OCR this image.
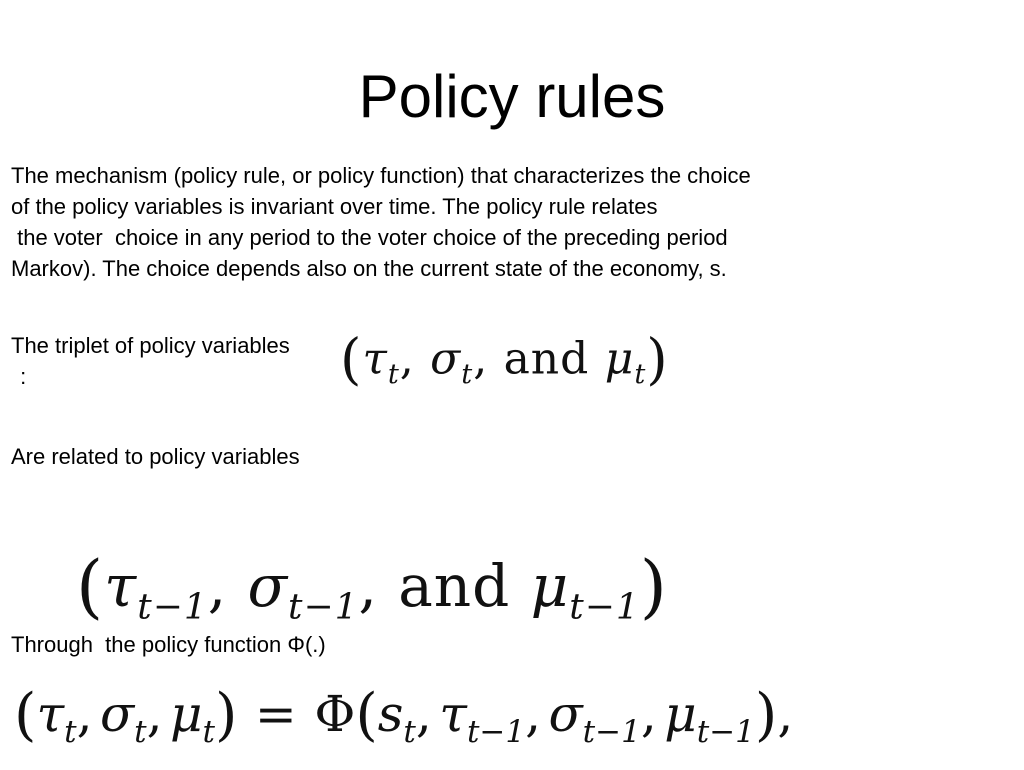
Policy rules
The mechanism (policy rule, or policy function) that characterizes the choice
of the policy variables is invariant over time. The policy rule relates
the voter  choice in any period to the voter choice of the preceding period
Markov). The choice depends also on the current state of the economy, s.
The triplet of policy variables
:	($\tau_t$, $\sigma_t$, and $\mu_t$)
Are related to policy variables
($\tau_{t-1}$, $\sigma_{t-1}$, and $\mu_{t-1}$)
Through  the policy function Φ(.)
($\tau_t$, $\sigma_t$, $\mu_t) = \Phi(s_t$, $\tau_{t-1}$, $\sigma_{t-1}$, $\mu_{t-1}$),
